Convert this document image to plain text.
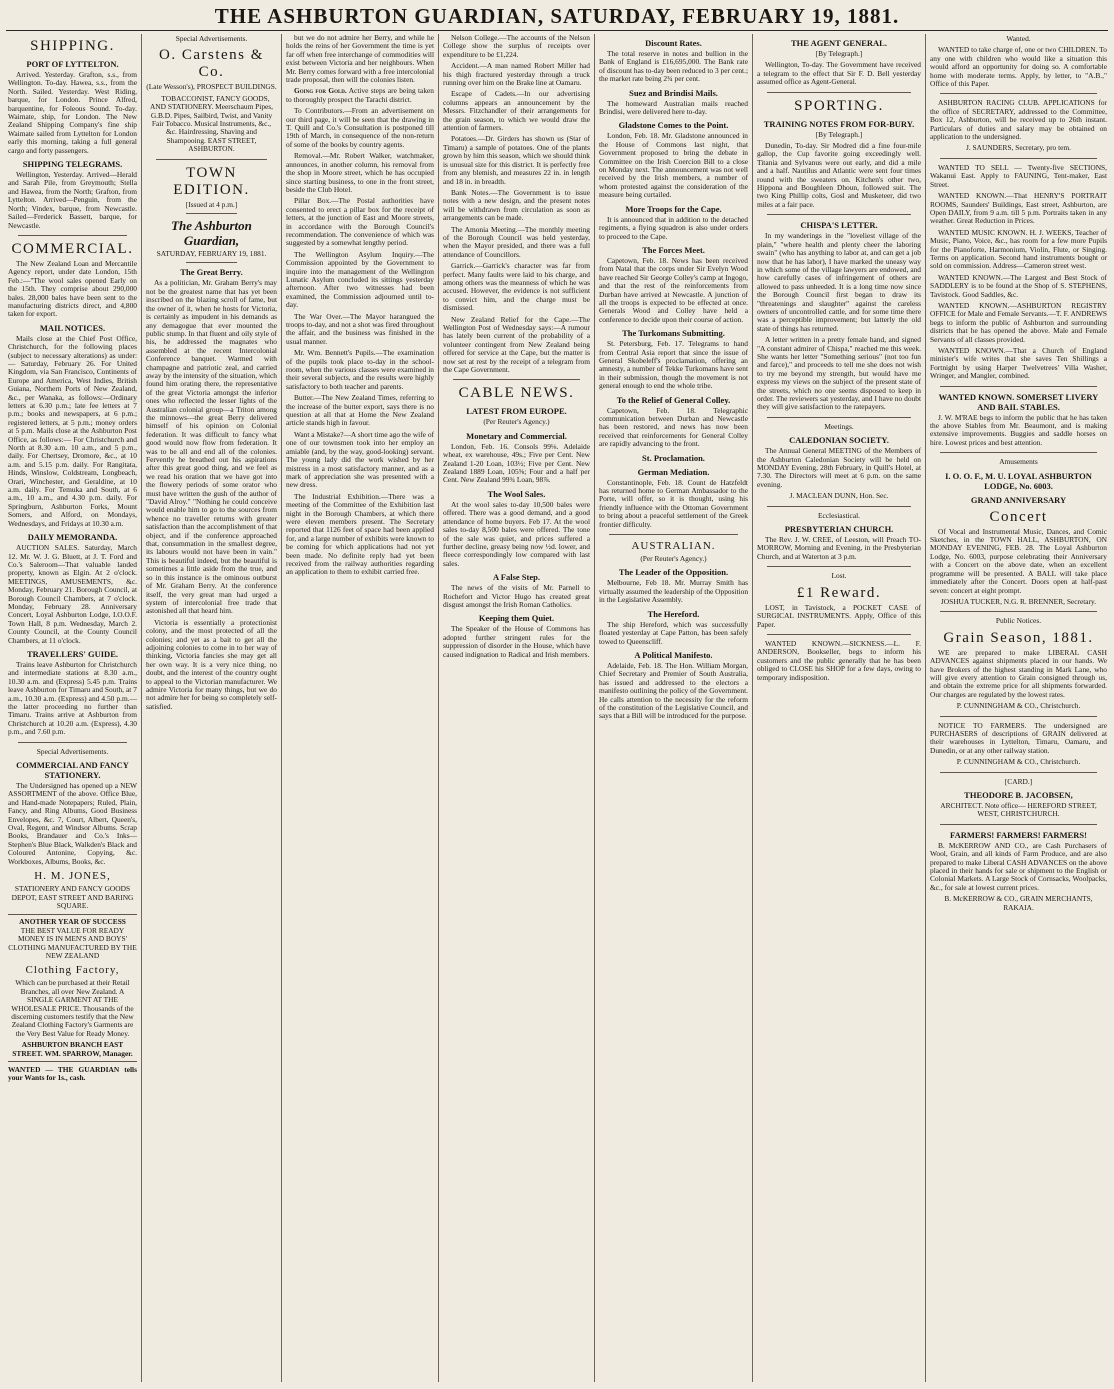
THE ASHBURTON GUARDIAN, SATURDAY, FEBRUARY 19, 1881.
SHIPPING.
PORT OF LYTTELTON.

Arrived. Yesterday. Grafton, s.s., from Wellington. To-day. Hawea, s.s., from the North. Sailed. Yesterday. West Riding, barque, for London. Prince Alfred, barquentine, for Foleous Sound. To-day. Waimate, ship, for London. The New Zealand Shipping Company's fine ship Waimate sailed from Lyttelton for London early this morning, taking a full general cargo and forty passengers.

SHIPPING TELEGRAMS.

Wellington, Yesterday. Arrived—Herald and Sarah Pile, from Greymouth; Stella and Hawea, from the North; Grafton, from Lyttelton. Arrived—Penguin, from the North; Vindex, barque, from Newcastle. Sailed—Frederick Bassett, barque, for Newcastle.

COMMERCIAL.

The New Zealand Loan and Mercantile Agency report, under date London, 15th Feb.:—"The wool sales opened Early on the 15th. They comprise about 290,000 bales. 28,000 bales have been sent to the manufacturing districts direct, and 4,800 taken for export.

MAIL NOTICES.

Mails close at the Chief Post Office, Christchurch, for the following places (subject to necessary alterations) as under:— Saturday, February 26. For United Kingdom, via San Francisco, Continents of Europe and America, West Indies, British Guiana, Northern Ports of New Zealand, &c., per Wanaka, as follows:—Ordinary letters at 6.30 p.m.; late fee letters at 7 p.m.; books and newspapers, at 6 p.m.; registered letters, at 5 p.m.; money orders at 5 p.m. Mails close at the Ashburton Post Office, as follows:— For Christchurch and North at 8.30 a.m. 10 a.m., and 5 p.m., daily. For Chertsey, Dromore, &c., at 10 a.m. and 5.15 p.m. daily. For Rangitata, Hinds, Winslow, Coldstream, Longbeach, Orari, Winchester, and Geraldine, at 10 a.m. daily. For Temuka and South, at 6 a.m., 10 a.m., and 4.30 p.m. daily. For Springburn, Ashburton Forks, Mount Somers, and Alford, on Mondays, Wednesdays, and Fridays at 10.30 a.m.

DAILY MEMORANDA.

AUCTION SALES. Saturday, March 12. Mr. W. J. G. Bluett, at J. T. Ford and Co.'s Saleroom—That valuable landed property, known as Elgin. At 2 o'clock. MEETINGS, AMUSEMENTS, &c. Monday, February 21. Borough Council, at Borough Council Chambers, at 7 o'clock. Monday, February 28. Anniversary Concert, Loyal Ashburton Lodge, I.O.O.F. Town Hall, 8 p.m. Wednesday, March 2. County Council, at the County Council Chambers, at 11 o'clock.

TRAVELLERS' GUIDE.

Trains leave Ashburton for Christchurch and intermediate stations at 8.30 a.m., 10.30 a.m. and (Express) 5.45 p.m. Trains leave Ashburton for Timaru and South, at 7 a.m., 10.30 a.m. (Express) and 4.50 p.m.—the latter proceeding no further than Timaru. Trains arrive at Ashburton from Christchurch at 10.20 a.m. (Express), 4.30 p.m., and 7.60 p.m.

Special Advertisements.
COMMERCIAL AND FANCY STATIONERY.

The Undersigned has opened up a NEW ASSORTMENT of the above. Office Blue, and Hand-made Notepapers; Ruled, Plain, Fancy, and Ring Albums, Good Business Envelopes, &c. 7, Court, Albert, Queen's, Oval, Regent, and Windsor Albums. Scrap Books, Brandauer and Co.'s Inks—Stephen's Blue Black, Walkden's Black and Coloured Antonine, Copying, &c. Workboxes, Albums, Books, &c.

H. M. JONES,
STATIONERY AND FANCY GOODS DEPOT, EAST STREET AND BARING SQUARE.
ANOTHER YEAR OF SUCCESS
THE BEST VALUE FOR READY MONEY IS IN MEN'S AND BOYS' CLOTHING MANUFACTURED BY THE NEW ZEALAND
Clothing Factory,

Which can be purchased at their Retail Branches, all over New Zealand. A SINGLE GARMENT AT THE WHOLESALE PRICE. Thousands of the discerning customers testify that the New Zealand Clothing Factory's Garments are the Very Best Value for Ready Money.

ASHBURTON BRANCH EAST STREET. WM. SPARROW, Manager.

WANTED — THE GUARDIAN tells your Wants for 1s., cash.

Special Advertisements.
O. Carstens & Co.
(Late Wesson's), PROSPECT BUILDINGS.

TOBACCONIST, FANCY GOODS, AND STATIONERY. Meerschaum Pipes, G.B.D. Pipes, Sailbird, Twist, and Vanity Fair Tobacco. Musical Instruments, &c., &c. Hairdressing, Shaving and Shampooing. EAST STREET, ASHBURTON.

TOWN EDITION.
[Issued at 4 p.m.]
The Ashburton Guardian,
SATURDAY, FEBRUARY 19, 1881.
The Great Berry.

As a politician, Mr. Graham Berry's may not be the greatest name that has yet been inscribed on the blazing scroll of fame, but the owner of it, when he hosts for Victoria, is certainly as impudent in his demands as any demagogue that ever mounted the public stump. In that fluent and oily style of his, he addressed the magnates who assembled at the recent Intercolonial Conference banquet. Warmed with champagne and patriotic zeal, and carried away by the intensity of the situation, which found him orating there, the representative of the great Victoria amongst the inferior ones who reflected the lesser lights of the Australian colonial group—a Triton among the minnows—the great Berry delivered himself of his opinion on Colonial federation. It was difficult to fancy what good would now flow from federation. It was to be all and end all of the colonies. Fervently he breathed out his aspirations after this great good thing, and we feel as we read his oration that we have got into the flowery periods of some orator who must have written the gush of the author of "David Alroy." "Nothing he could conceive would enable him to go to the sources from whence no traveller returns with greater satisfaction than the accomplishment of that object, and if the conference approached that, consummation in the smallest degree, its labours would not have been in vain." This is beautiful indeed, but the beautiful is sometimes a little aside from the true, and so in this instance is the ominous outburst of Mr. Graham Berry. At the conference itself, the very great man had urged a system of intercolonial free trade that astonished all that heard him.

Victoria is essentially a protectionist colony, and the most protected of all the colonies; and yet as a bait to get all the adjoining colonies to come in to her way of thinking, Victoria fancies she may get all her own way. It is a very nice thing, no doubt, and the interest of the country ought to appeal to the Victorian manufacturer. We admire Victoria for many things, but we do not admire her for being so completely self-satisfied.

but we do not admire her Berry, and while he holds the reins of her Government the time is yet far off when free interchange of commodities will exist between Victoria and her neighbours. When Mr. Berry comes forward with a free intercolonial trade proposal, then will the colonies listen.

Going for Gold. Active steps are being taken to thoroughly prospect the Tarachi district.

To Contributors.—From an advertisement on our third page, it will be seen that the drawing in T. Quill and Co.'s Consultation is postponed till 19th of March, in consequence of the non-return of some of the books by country agents.

Removal.—Mr. Robert Walker, watchmaker, announces, in another column, his removal from the shop in Moore street, which he has occupied since starting business, to one in the front street, beside the Club Hotel.

Pillar Box.—The Postal authorities have consented to erect a pillar box for the receipt of letters, at the junction of East and Moore streets, in accordance with the Borough Council's recommendation. The convenience of which was suggested by a somewhat lengthy period.

The Wellington Asylum Inquiry.—The Commission appointed by the Government to inquire into the management of the Wellington Lunatic Asylum concluded its sittings yesterday afternoon. After two witnesses had been examined, the Commission adjourned until to-day.

The War Over.—The Mayor harangued the troops to-day, and not a shot was fired throughout the affair, and the business was finished in the usual manner.

Mr. Wm. Bennett's Pupils.—The examination of the pupils took place to-day in the school-room, when the various classes were examined in their several subjects, and the results were highly satisfactory to both teacher and parents.

Butter.—The New Zealand Times, referring to the increase of the butter export, says there is no question at all that at Home the New Zealand article stands high in favour.

Want a Mistake?—A short time ago the wife of one of our townsmen took into her employ an amiable (and, by the way, good-looking) servant. The young lady did the work wished by her mistress in a most satisfactory manner, and as a mark of appreciation she was presented with a new dress.

The Industrial Exhibition.—There was a meeting of the Committee of the Exhibition last night in the Borough Chambers, at which there were eleven members present. The Secretary reported that 1126 feet of space had been applied for, and a large number of exhibits were known to be coming for which applications had not yet been made. No definite reply had yet been received from the railway authorities regarding an application to them to exhibit carried free.

Nelson College.—The accounts of the Nelson College show the surplus of receipts over expenditure to be £1,224.

Accident.—A man named Robert Miller had his thigh fractured yesterday through a truck running over him on the Brake line at Oamaru.

Escape of Cadets.—In our advertising columns appears an announcement by the Messrs. Fitzchandler of their arrangements for the grain season, to which we would draw the attention of farmers.

Potatoes.—Dr. Girders has shown us (Star of Timaru) a sample of potatoes. One of the plants grown by him this season, which we should think is unusual size for this district. It is perfectly free from any blemish, and measures 22 in. in length and 18 in. in breadth.

Bank Notes.—The Government is to issue notes with a new design, and the present notes will be withdrawn from circulation as soon as arrangements can be made.

The Amonia Meeting.—The monthly meeting of the Borough Council was held yesterday, when the Mayor presided, and there was a full attendance of Councillors.

Garrick.—Garrick's character was far from perfect. Many faults were laid to his charge, and among others was the meanness of which he was accused. However, the evidence is not sufficient to convict him, and the charge must be dismissed.

New Zealand Relief for the Cape.—The Wellington Post of Wednesday says:—A rumour has lately been current of the probability of a volunteer contingent from New Zealand being offered for service at the Cape, but the matter is now set at rest by the receipt of a telegram from the Cape Government.

CABLE NEWS.
LATEST FROM EUROPE.
(Per Reuter's Agency.)
Monetary and Commercial.

London, Feb. 16. Consols 99⅛. Adelaide wheat, ex warehouse, 49s.; Five per Cent. New Zealand 1-20 Loan, 103½; Five per Cent. New Zealand 1889 Loan, 105⅝; Four and a half per Cent. New Zealand 99¾ Loan, 98⅞.

The Wool Sales.

At the wool sales to-day 10,500 bales were offered. There was a good demand, and a good attendance of home buyers. Feb 17. At the wool sales to-day 8,500 bales were offered. The tone of the sale was quiet, and prices suffered a further decline, greasy being now ½d. lower, and fleece correspondingly low compared with last sales.

A False Step.

The news of the visits of Mr. Parnell to Rochefort and Victor Hugo has created great disgust amongst the Irish Roman Catholics.

Keeping them Quiet.

The Speaker of the House of Commons has adopted further stringent rules for the suppression of disorder in the House, which have caused indignation to Radical and Irish members.

Discount Rates.

The total reserve in notes and bullion in the Bank of England is £16,695,000. The Bank rate of discount has to-day been reduced to 3 per cent.; the market rate being 2¾ per cent.

Suez and Brindisi Mails.

The homeward Australian mails reached Brindisi, were delivered here to-day.

Gladstone Comes to the Point.

London, Feb. 18. Mr. Gladstone announced in the House of Commons last night, that Government proposed to bring the debate in Committee on the Irish Coercion Bill to a close on Monday next. The announcement was not well received by the Irish members, a number of whom protested against the consideration of the measure being curtailed.

More Troops for the Cape.

It is announced that in addition to the detached regiments, a flying squadron is also under orders to proceed to the Cape.

The Forces Meet.

Capetown, Feb. 18. News has been received from Natal that the corps under Sir Evelyn Wood have reached Sir George Colley's camp at Ingogo, and that the rest of the reinforcements from Durban have arrived at Newcastle. A junction of all the troops is expected to be effected at once. Generals Wood and Colley have held a conference to decide upon their course of action.

The Turkomans Submitting.

St. Petersburg, Feb. 17. Telegrams to hand from Central Asia report that since the issue of General Skobeleff's proclamation, offering an amnesty, a number of Tekke Turkomans have sent in their submission, though the movement is not general enough to end the whole tribe.

To the Relief of General Colley.

Capetown, Feb. 18. Telegraphic communication between Durban and Newcastle has been restored, and news has now been received that reinforcements for General Colley are rapidly advancing to the front.

St. Proclamation.
German Mediation.

Constantinople, Feb. 18. Count de Hatzfeldt has returned home to German Ambassador to the Porte, will offer, so it is thought, using his friendly influence with the Ottoman Government to bring about a peaceful settlement of the Greek frontier difficulty.

AUSTRALIAN.
(Per Reuter's Agency.)
The Leader of the Opposition.

Melbourne, Feb 18. Mr. Murray Smith has virtually assumed the leadership of the Opposition in the Legislative Assembly.

The Hereford.

The ship Hereford, which was successfully floated yesterday at Cape Patton, has been safely towed to Queenscliff.

A Political Manifesto.

Adelaide, Feb. 18. The Hon. William Morgan, Chief Secretary and Premier of South Australia, has issued and addressed to the electors a manifesto outlining the policy of the Government. He calls attention to the necessity for the reform of the constitution of the Legislative Council, and says that a Bill will be introduced for the purpose.

THE AGENT GENERAL.
[By Telegraph.]

Wellington, To-day. The Government have received a telegram to the effect that Sir F. D. Bell yesterday assumed office as Agent-General.

SPORTING.
TRAINING NOTES FROM FOR-BURY.
[By Telegraph.]

Dunedin, To-day. Sir Modred did a fine four-mile gallop, the Cup favorite going exceedingly well. Titania and Sylvanus were out early, and did a mile and a half. Nautilus and Atlantic were sent four times round with the sweaters on. Kitchen's other two, Hippona and Boughleen Dhoun, followed suit. The two King Phillip colts, Gosl and Musketeer, did two miles at a fair pace.

CHISPA'S LETTER.

In my wanderings in the "loveliest village of the plain," "where health and plenty cheer the laboring swain" (who has anything to labor at, and can get a job now that he has labor), I have marked the uneasy way in which some of the village lawyers are endowed, and how carefully cases of infringement of others are allowed to pass unheeded. It is a long time now since the Borough Council first began to draw its "threatenings and slaughter" against the careless owners of uncontrolled cattle, and for some time there was a perceptible improvement; but latterly the old state of things has returned.

A letter written in a pretty female hand, and signed "A constant admirer of Chispa," reached me this week. She wants her letter "Something serious" (not too fun and farce)," and proceeds to tell me she does not wish to try me beyond my strength, but would have me express my views on the subject of the present state of the streets, which no one seems disposed to keep in order. The reviewers sat yesterday, and I have no doubt they will give satisfaction to the ratepayers.

Meetings.
CALEDONIAN SOCIETY.

The Annual General MEETING of the Members of the Ashburton Caledonian Society will be held on MONDAY Evening, 28th February, in Quill's Hotel, at 7.30. The Directors will meet at 6 p.m. on the same evening.

J. MACLEAN DUNN, Hon. Sec.
Ecclesiastical.
PRESBYTERIAN CHURCH.

The Rev. J. W. CREE, of Leeston, will Preach TO-MORROW, Morning and Evening, in the Presbyterian Church, and at Waterton at 3 p.m.

Lost.
£1 Reward.

LOST, in Tavistock, a POCKET CASE of SURGICAL INSTRUMENTS. Apply, Office of this Paper.

WANTED KNOWN.—SICKNESS.—L. F. ANDERSON, Bookseller, begs to inform his customers and the public generally that he has been obliged to CLOSE his SHOP for a few days, owing to temporary indisposition.

Wanted.

WANTED to take charge of, one or two CHILDREN. To any one with children who would like a situation this would afford an opportunity for doing so. A comfortable home with moderate terms. Apply, by letter, to "A.B.," Office of this Paper.

ASHBURTON RACING CLUB. APPLICATIONS for the office of SECRETARY, addressed to the Committee, Box 12, Ashburton, will be received up to 26th instant. Particulars of duties and salary may be obtained on application to the undersigned.

J. SAUNDERS, Secretary, pro tem.

WANTED TO SELL — Twenty-five SECTIONS, Wakanui East. Apply to FAUNING, Tent-maker, East Street.

WANTED KNOWN.—That HENRY'S PORTRAIT ROOMS, Saunders' Buildings, East street, Ashburton, are Open DAILY, from 9 a.m. till 5 p.m. Portraits taken in any weather. Great Reduction in Prices.

WANTED MUSIC KNOWN. H. J. WEEKS, Teacher of Music, Piano, Voice, &c., has room for a few more Pupils for the Pianoforte, Harmonium, Violin, Flute, or Singing. Terms on application. Second hand instruments bought or sold on commission. Address—Cameron street west.

WANTED KNOWN.—The Largest and Best Stock of SADDLERY is to be found at the Shop of S. STEPHENS, Tavistock. Good Saddles, &c.

WANTED KNOWN.—ASHBURTON REGISTRY OFFICE for Male and Female Servants.—T. F. ANDREWS begs to inform the public of Ashburton and surrounding districts that he has opened the above. Male and Female Servants of all classes provided.

WANTED KNOWN.—That a Church of England minister's wife writes that she saves Ten Shillings a Fortnight by using Harper Twelvetrees' Villa Washer, Wringer, and Mangler, combined.

WANTED KNOWN. SOMERSET LIVERY AND BAIL STABLES.

J. W. M'RAE begs to inform the public that he has taken the above Stables from Mr. Beaumont, and is making extensive improvements. Buggies and saddle horses on hire. Lowest prices and best attention.

Amusements
I. O. O. F., M. U. LOYAL ASHBURTON LODGE, No. 6003.
GRAND ANNIVERSARY
Concert

Of Vocal and Instrumental Music, Dances, and Comic Sketches, in the TOWN HALL, ASHBURTON, ON MONDAY EVENING, FEB. 28. The Loyal Ashburton Lodge, No. 6003, purpose celebrating their Anniversary with a Concert on the above date, when an excellent programme will be presented. A BALL will take place immediately after the Concert. Doors open at half-past seven: concert at eight prompt.

JOSHUA TUCKER, N.G. R. BRENNER, Secretary.
Public Notices.
Grain Season, 1881.

WE are prepared to make LIBERAL CASH ADVANCES against shipments placed in our hands. We have Brokers of the highest standing in Mark Lane, who will give every attention to Grain consigned through us, and obtain the extreme price for all shipments forwarded. Our charges are regulated by the lowest rates.

P. CUNNINGHAM & CO., Christchurch.

NOTICE TO FARMERS. The undersigned are PURCHASERS of descriptions of GRAIN delivered at their warehouses in Lyttelton, Timaru, Oamaru, and Dunedin, or at any other railway station.

P. CUNNINGHAM & CO., Christchurch.
[CARD.]
THEODORE B. JACOBSEN,
ARCHITECT. Note office— HEREFORD STREET, WEST, CHRISTCHURCH.
FARMERS! FARMERS! FARMERS!

B. McKERROW AND CO., are Cash Purchasers of Wool, Grain, and all kinds of Farm Produce, and are also prepared to make Liberal CASH ADVANCES on the above placed in their hands for sale or shipment to the English or Colonial Markets. A Large Stock of Cornsacks, Woolpacks, &c., for sale at lowest current prices.

B. McKERROW & CO., GRAIN MERCHANTS, RAKAIA.
